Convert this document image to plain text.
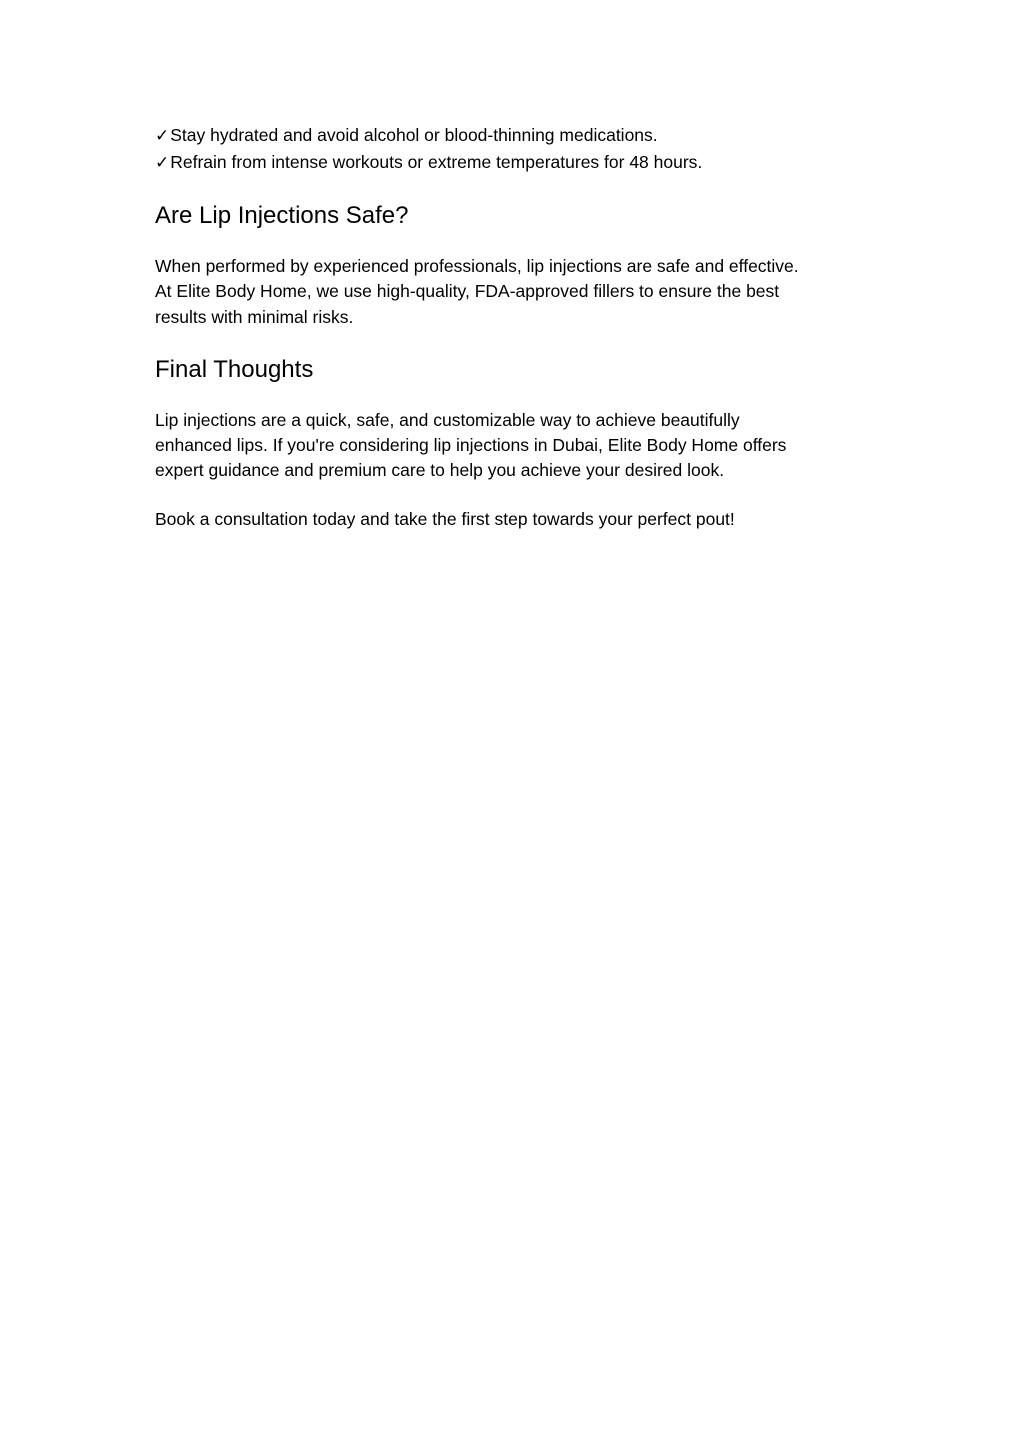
✓Stay hydrated and avoid alcohol or blood-thinning medications.
✓Refrain from intense workouts or extreme temperatures for 48 hours.
Are Lip Injections Safe?

When performed by experienced professionals, lip injections are safe and effective.
At Elite Body Home, we use high-quality, FDA-approved fillers to ensure the best
results with minimal risks.

Final Thoughts

Lip injections are a quick, safe, and customizable way to achieve beautifully
enhanced lips. If you're considering lip injections in Dubai, Elite Body Home offers
expert guidance and premium care to help you achieve your desired look.

Book a consultation today and take the first step towards your perfect pout!
